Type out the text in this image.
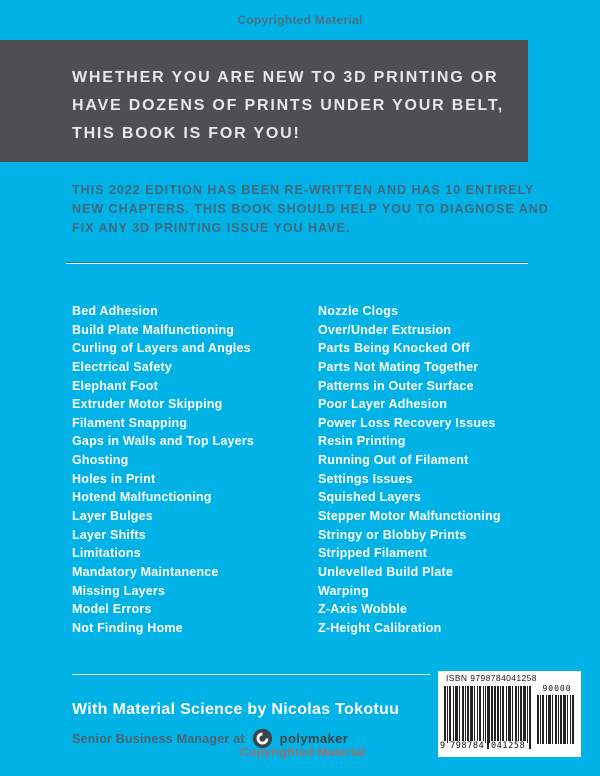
Copyrighted Material
WHETHER YOU ARE NEW TO 3D PRINTING OR
HAVE DOZENS OF PRINTS UNDER YOUR BELT,
THIS BOOK IS FOR YOU!
THIS 2022 EDITION HAS BEEN RE-WRITTEN AND HAS 10 ENTIRELY
NEW CHAPTERS. THIS BOOK SHOULD HELP YOU TO DIAGNOSE AND
FIX ANY 3D PRINTING ISSUE YOU HAVE.
Bed Adhesion
Build Plate Malfunctioning
Curling of Layers and Angles
Electrical Safety
Elephant Foot
Extruder Motor Skipping
Filament Snapping
Gaps in Walls and Top Layers
Ghosting
Holes in Print
Hotend Malfunctioning
Layer Bulges
Layer Shifts
Limitations
Mandatory Maintanence
Missing Layers
Model Errors
Not Finding Home
Nozzle Clogs
Over/Under Extrusion
Parts Being Knocked Off
Parts Not Mating Together
Patterns in Outer Surface
Poor Layer Adhesion
Power Loss Recovery Issues
Resin Printing
Running Out of Filament
Settings Issues
Squished Layers
Stepper Motor Malfunctioning
Stringy or Blobby Prints
Stripped Filament
Unlevelled Build Plate
Warping
Z-Axis Wobble
Z-Height Calibration
With Material Science by Nicolas Tokotuu
Senior Business Manager at	polymaker
Copyrighted Material
ISBN 9798784041258
9 798784 041258
90000
